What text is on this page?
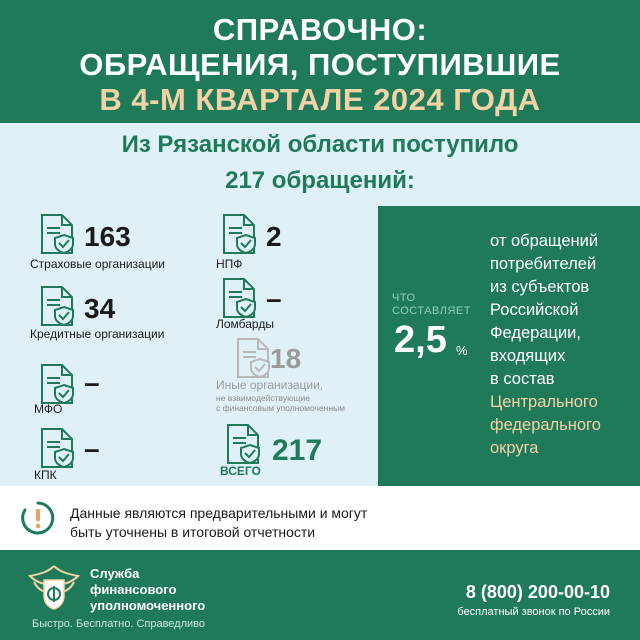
СПРАВОЧНО:
ОБРАЩЕНИЯ, ПОСТУПИВШИЕ
В 4-М КВАРТАЛЕ 2024 ГОДА
Из Рязанской области поступило
217 обращений:
163
Страховые организации
2
НПФ
34
Кредитные организации
–
Ломбарды
18
Иные организации,
не взаимодействующие
с финансовым уполномоченным
–
МФО
217
ВСЕГО
–
КПК
ЧТО
СОСТАВЛЯЕТ
2,5 %
от обращений
потребителей
из субъектов
Российской
Федерации,
входящих
в состав
Центрального
федерального
округа
Данные являются предварительными и могут
быть уточнены в итоговой отчетности
Служба
финансового
уполномоченного
Быстро. Бесплатно. Справедливо
8 (800) 200-00-10
бесплатный звонок по России
